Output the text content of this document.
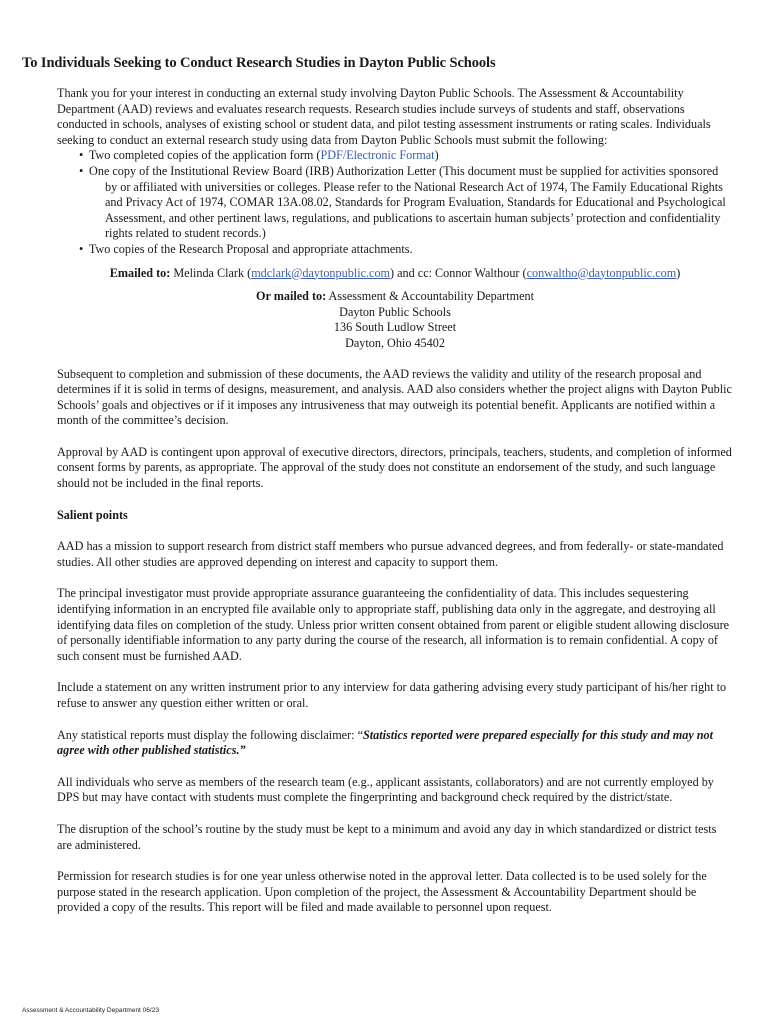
To Individuals Seeking to Conduct Research Studies in Dayton Public Schools

Thank you for your interest in conducting an external study involving Dayton Public Schools. The Assessment & Accountability Department (AAD) reviews and evaluates research requests. Research studies include surveys of students and staff, observations conducted in schools, analyses of existing school or student data, and pilot testing assessment instruments or rating scales. Individuals seeking to conduct an external research study using data from Dayton Public Schools must submit the following:

• Two completed copies of the application form (PDF/Electronic Format)
• One copy of the Institutional Review Board (IRB) Authorization Letter (This document must be supplied for activities sponsored by or affiliated with universities or colleges. Please refer to the National Research Act of 1974, The Family Educational Rights and Privacy Act of 1974, COMAR 13A.08.02, Standards for Program Evaluation, Standards for Educational and Psychological Assessment, and other pertinent laws, regulations, and publications to ascertain human subjects’ protection and confidentiality rights related to student records.)
• Two copies of the Research Proposal and appropriate attachments.

Emailed to: Melinda Clark (mdclark@daytonpublic.com) and cc: Connor Walthour (conwaltho@daytonpublic.com)

Or mailed to: Assessment & Accountability Department
Dayton Public Schools
136 South Ludlow Street
Dayton, Ohio 45402

Subsequent to completion and submission of these documents, the AAD reviews the validity and utility of the research proposal and determines if it is solid in terms of designs, measurement, and analysis. AAD also considers whether the project aligns with Dayton Public Schools’ goals and objectives or if it imposes any intrusiveness that may outweigh its potential benefit. Applicants are notified within a month of the committee’s decision.

Approval by AAD is contingent upon approval of executive directors, directors, principals, teachers, students, and completion of informed consent forms by parents, as appropriate. The approval of the study does not constitute an endorsement of the study, and such language should not be included in the final reports.

Salient points

AAD has a mission to support research from district staff members who pursue advanced degrees, and from federally- or state-mandated studies. All other studies are approved depending on interest and capacity to support them.

The principal investigator must provide appropriate assurance guaranteeing the confidentiality of data. This includes sequestering identifying information in an encrypted file available only to appropriate staff, publishing data only in the aggregate, and destroying all identifying data files on completion of the study. Unless prior written consent obtained from parent or eligible student allowing disclosure of personally identifiable information to any party during the course of the research, all information is to remain confidential. A copy of such consent must be furnished AAD.

Include a statement on any written instrument prior to any interview for data gathering advising every study participant of his/her right to refuse to answer any question either written or oral.

Any statistical reports must display the following disclaimer: “Statistics reported were prepared especially for this study and may not agree with other published statistics.”

All individuals who serve as members of the research team (e.g., applicant assistants, collaborators) and are not currently employed by DPS but may have contact with students must complete the fingerprinting and background check required by the district/state.

The disruption of the school’s routine by the study must be kept to a minimum and avoid any day in which standardized or district tests are administered.

Permission for research studies is for one year unless otherwise noted in the approval letter. Data collected is to be used solely for the purpose stated in the research application. Upon completion of the project, the Assessment & Accountability Department should be provided a copy of the results. This report will be filed and made available to personnel upon request.

Assessment & Accountability Department 06/23
